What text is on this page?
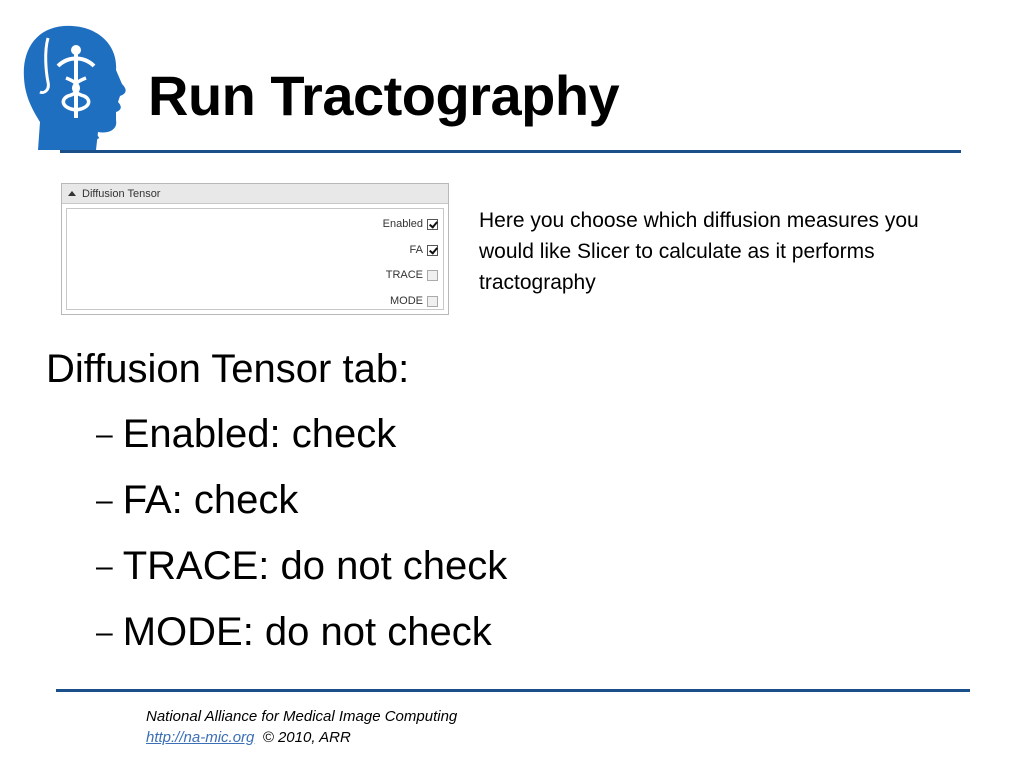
Run Tractography
Diffusion Tensor
Enabled
FA
TRACE
MODE
Here you choose which diffusion measures you would like Slicer to calculate as it performs tractography
Diffusion Tensor tab:
– Enabled: check
– FA: check
– TRACE: do not check
– MODE: do not check
National Alliance for Medical Image Computing
http://na-mic.org © 2010, ARR
